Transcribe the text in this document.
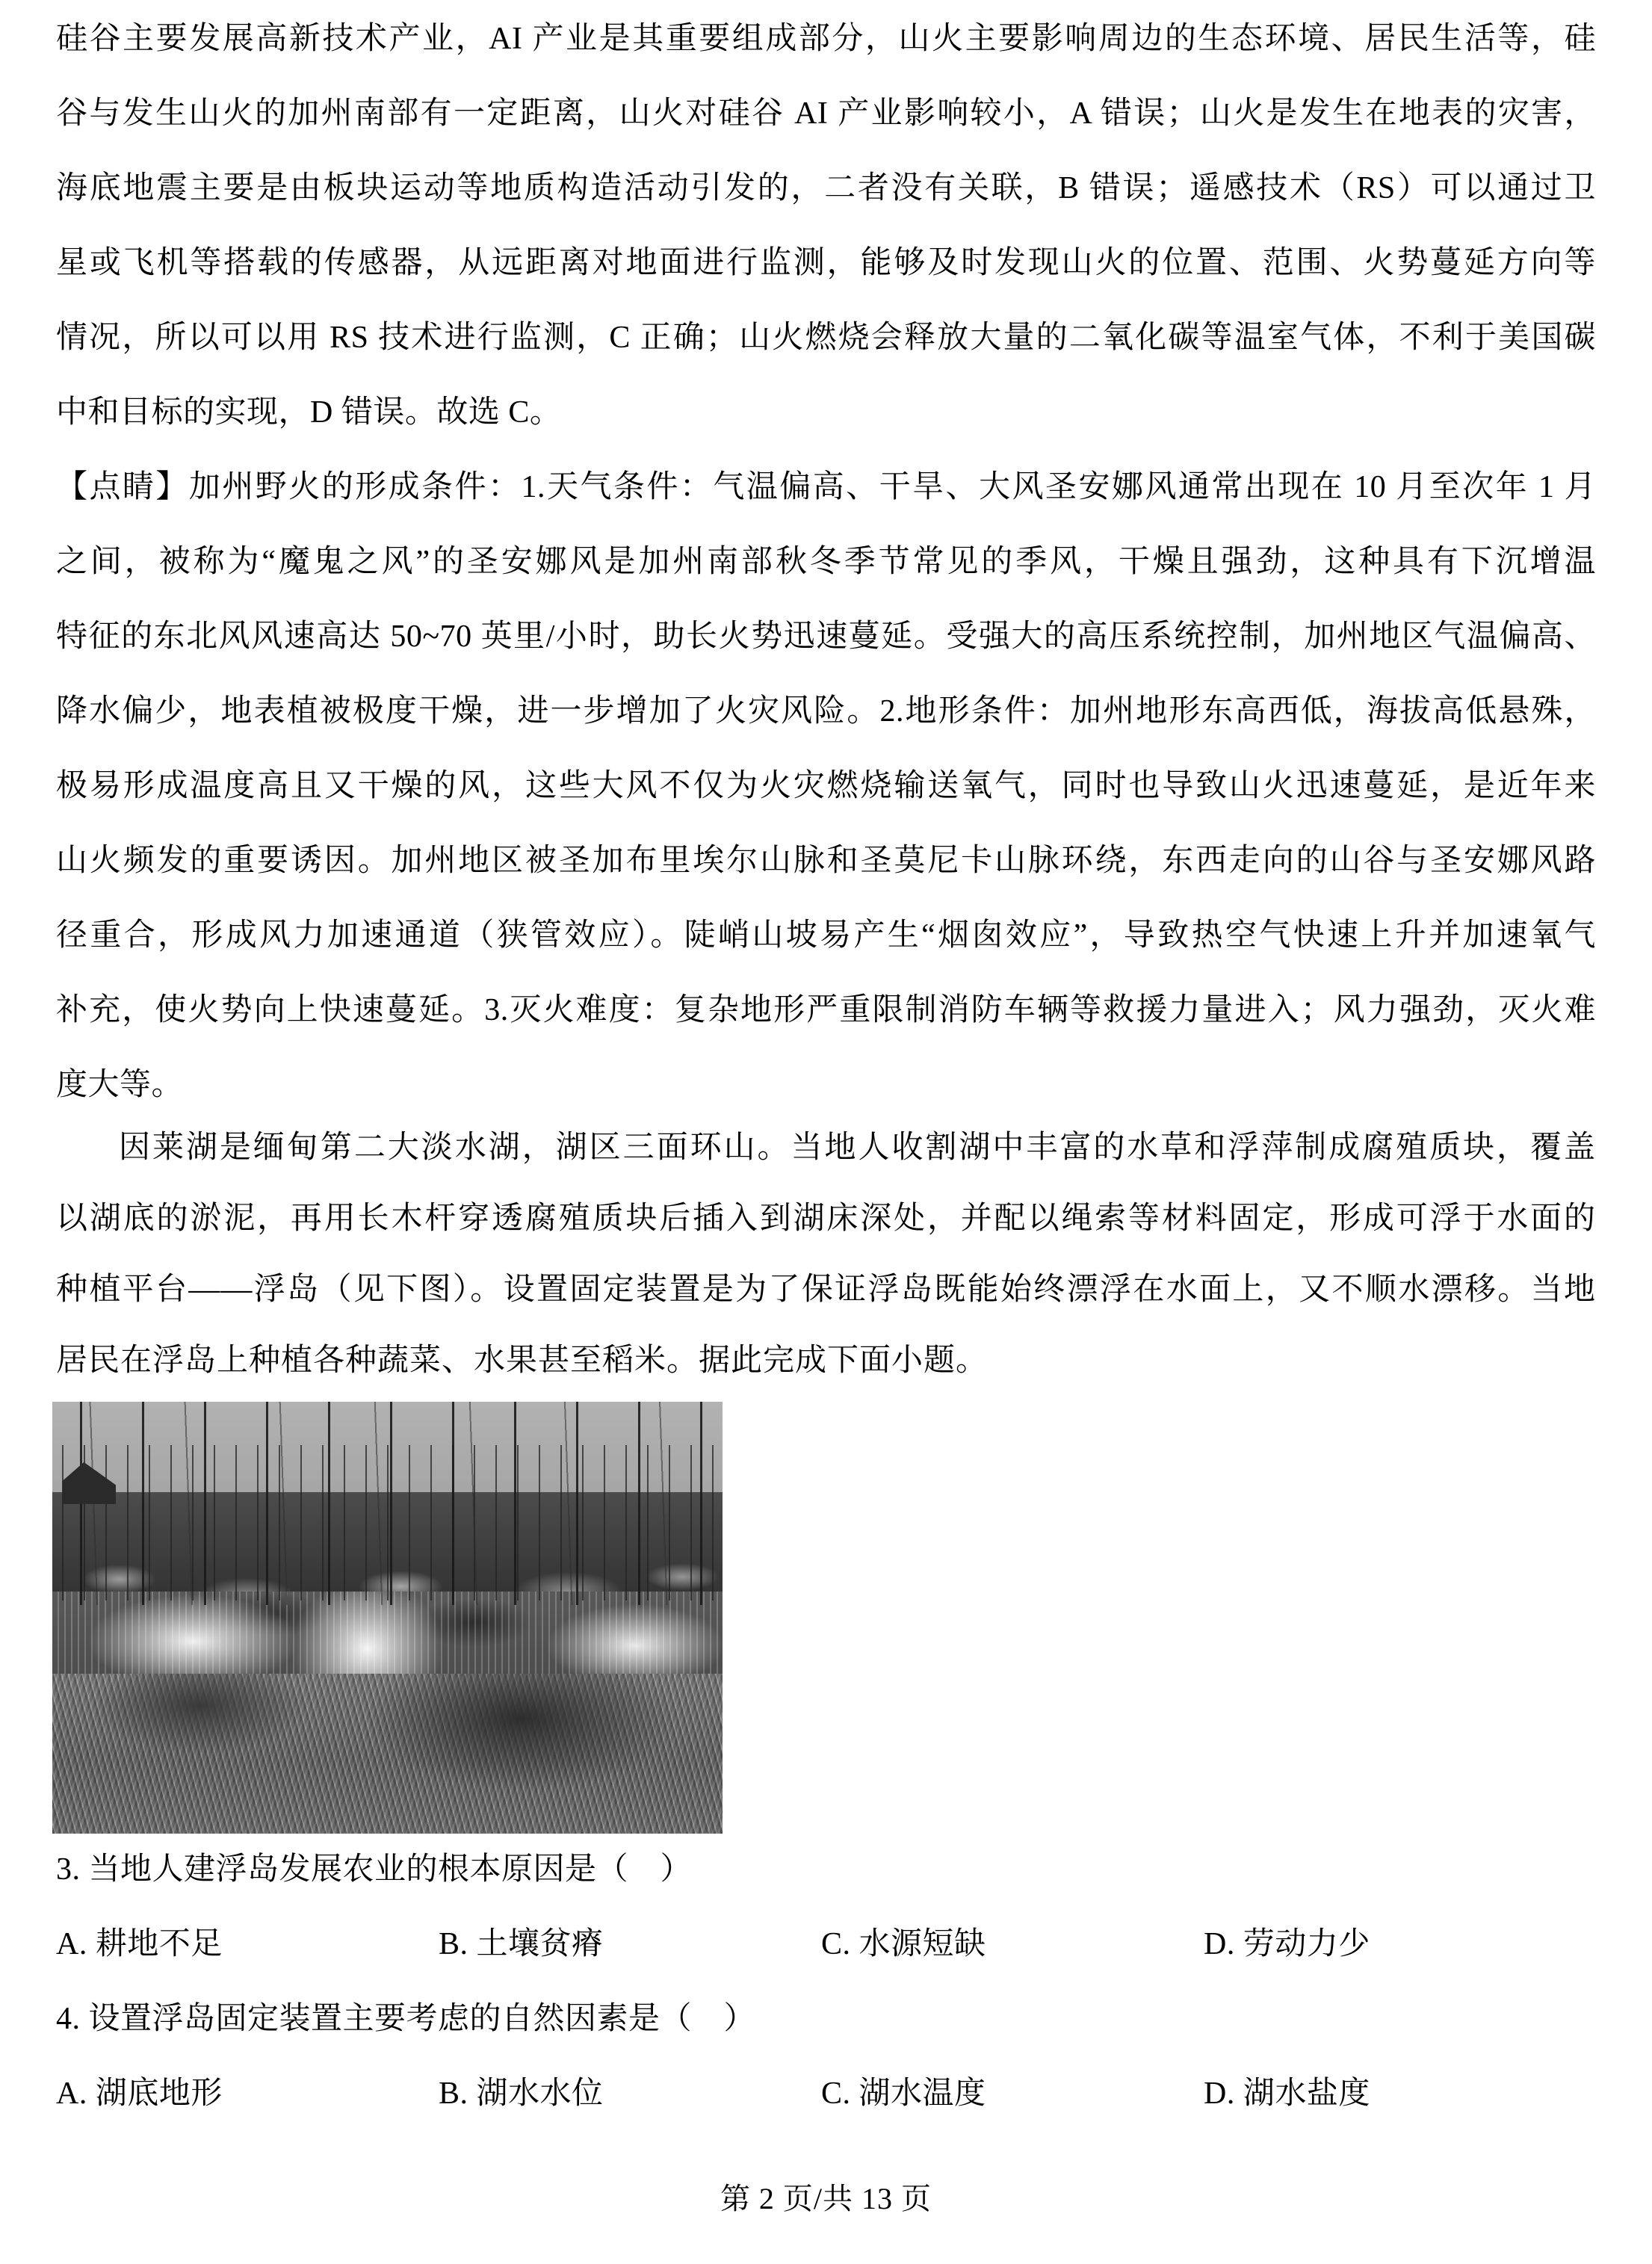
硅谷主要发展高新技术产业，AI 产业是其重要组成部分，山火主要影响周边的生态环境、居民生活等，硅
谷与发生山火的加州南部有一定距离，山火对硅谷 AI 产业影响较小，A 错误；山火是发生在地表的灾害，
海底地震主要是由板块运动等地质构造活动引发的，二者没有关联，B 错误；遥感技术（RS）可以通过卫
星或飞机等搭载的传感器，从远距离对地面进行监测，能够及时发现山火的位置、范围、火势蔓延方向等
情况，所以可以用 RS 技术进行监测，C 正确；山火燃烧会释放大量的二氧化碳等温室气体，不利于美国碳
中和目标的实现，D 错误。故选 C。
【点睛】加州野火的形成条件：1.天气条件：气温偏高、干旱、大风圣安娜风通常出现在 10 月至次年 1 月
之间，被称为“魔鬼之风”的圣安娜风是加州南部秋冬季节常见的季风，干燥且强劲，这种具有下沉增温
特征的东北风风速高达 50~70 英里/小时，助长火势迅速蔓延。受强大的高压系统控制，加州地区气温偏高、
降水偏少，地表植被极度干燥，进一步增加了火灾风险。2.地形条件：加州地形东高西低，海拔高低悬殊，
极易形成温度高且又干燥的风，这些大风不仅为火灾燃烧输送氧气，同时也导致山火迅速蔓延，是近年来
山火频发的重要诱因。加州地区被圣加布里埃尔山脉和圣莫尼卡山脉环绕，东西走向的山谷与圣安娜风路
径重合，形成风力加速通道（狭管效应）。陡峭山坡易产生“烟囱效应”，导致热空气快速上升并加速氧气
补充，使火势向上快速蔓延。3.灭火难度：复杂地形严重限制消防车辆等救援力量进入；风力强劲，灭火难
度大等。
因莱湖是缅甸第二大淡水湖，湖区三面环山。当地人收割湖中丰富的水草和浮萍制成腐殖质块，覆盖
以湖底的淤泥，再用长木杆穿透腐殖质块后插入到湖床深处，并配以绳索等材料固定，形成可浮于水面的
种植平台——浮岛（见下图）。设置固定装置是为了保证浮岛既能始终漂浮在水面上，又不顺水漂移。当地
居民在浮岛上种植各种蔬菜、水果甚至稻米。据此完成下面小题。
3. 当地人建浮岛发展农业的根本原因是（　）
A. 耕地不足	B. 土壤贫瘠	C. 水源短缺	D. 劳动力少
4. 设置浮岛固定装置主要考虑的自然因素是（　）
A. 湖底地形	B. 湖水水位	C. 湖水温度	D. 湖水盐度
第 2 页/共 13 页
